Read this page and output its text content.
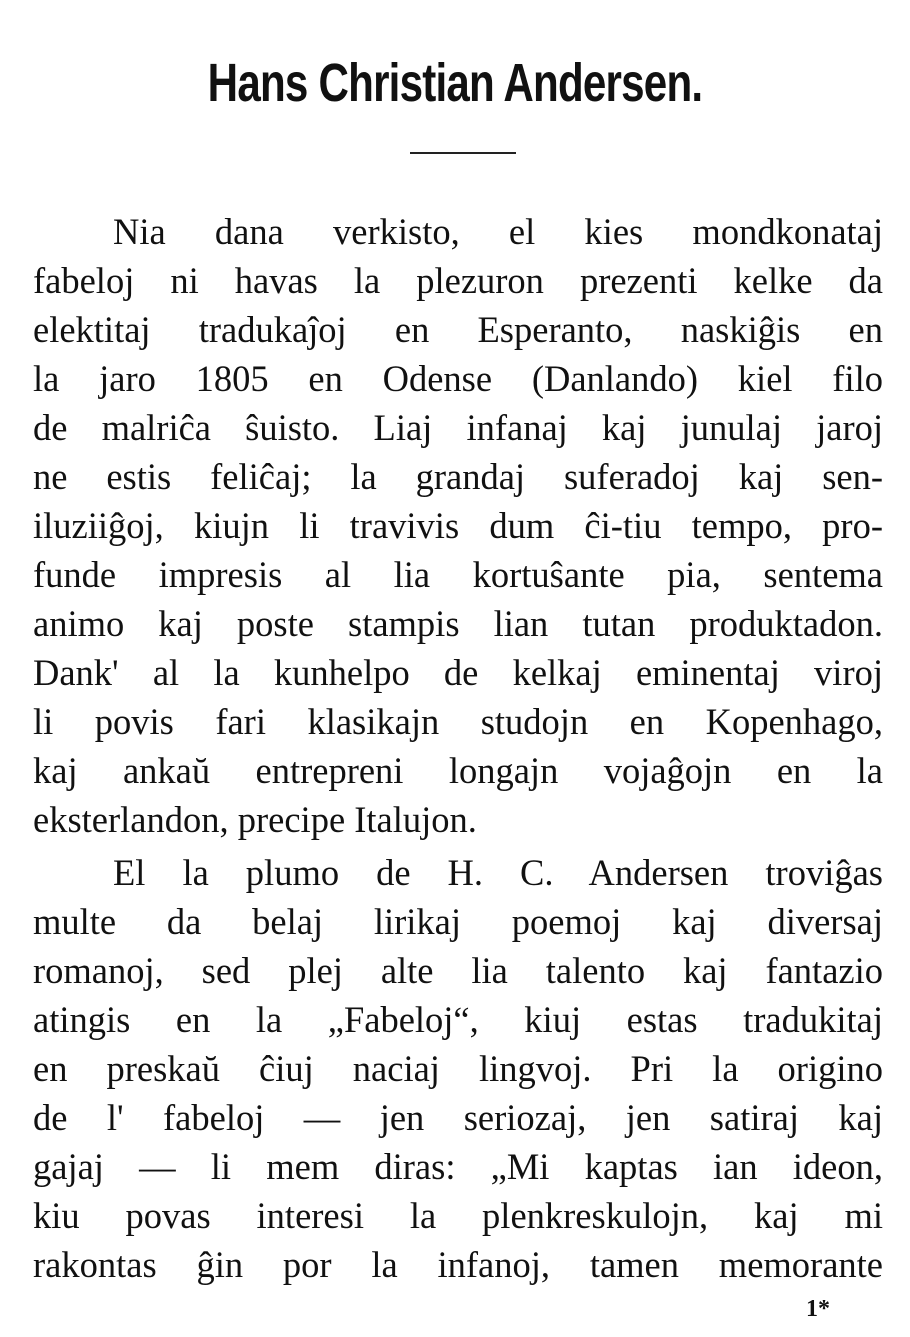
Hans Christian Andersen.
Nia dana verkisto, el kies mondkonataj
fabeloj ni havas la plezuron prezenti kelke da
elektitaj tradukaĵoj en Esperanto, naskiĝis en
la jaro 1805 en Odense (Danlando) kiel filo
de malriĉa ŝuisto. Liaj infanaj kaj junulaj jaroj
ne estis feliĉaj; la grandaj suferadoj kaj sen-
iluziiĝoj, kiujn li travivis dum ĉi-tiu tempo, pro-
funde impresis al lia kortuŝante pia, sentema
animo kaj poste stampis lian tutan produktadon.
Dank' al la kunhelpo de kelkaj eminentaj viroj
li povis fari klasikajn studojn en Kopenhago,
kaj ankaŭ entrepreni longajn vojaĝojn en la
eksterlandon, precipe Italujon.
El la plumo de H. C. Andersen troviĝas
multe da belaj lirikaj poemoj kaj diversaj
romanoj, sed plej alte lia talento kaj fantazio
atingis en la „Fabeloj“, kiuj estas tradukitaj
en preskaŭ ĉiuj naciaj lingvoj. Pri la origino
de l' fabeloj — jen seriozaj, jen satiraj kaj
gajaj — li mem diras: „Mi kaptas ian ideon,
kiu povas interesi la plenkreskulojn, kaj mi
rakontas ĝin por la infanoj, tamen memorante
1*
